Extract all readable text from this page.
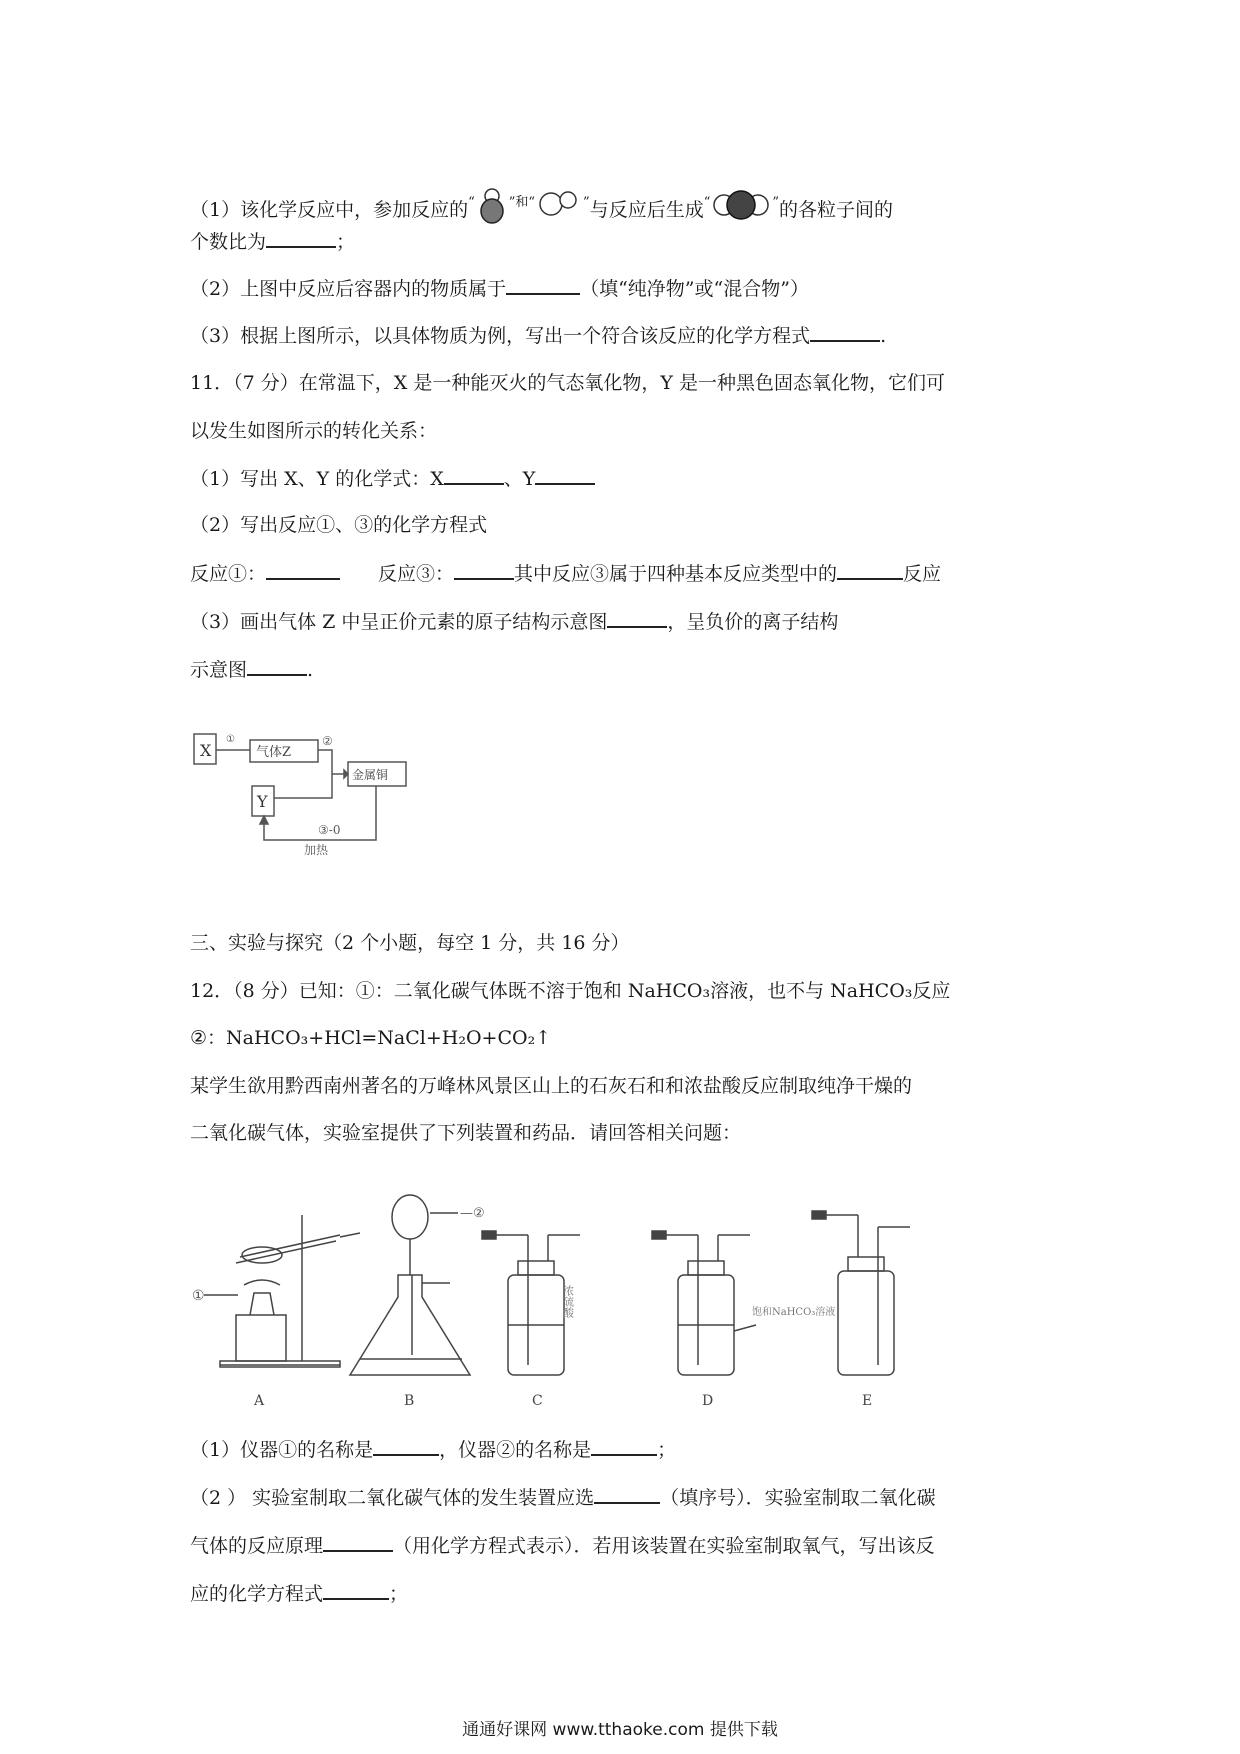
（1）该化学反应中，参加反应的“	$^{”和“}$	”与反应后生成“	”的各粒子间的
个数比为	；
（2）上图中反应后容器内的物质属于	（填“纯净物”或“混合物”）
（3）根据上图所示，以具体物质为例，写出一个符合该反应的化学方程式	.
11．（7 分）在常温下，X 是一种能灭火的气态氧化物，Y 是一种黑色固态氧化物，它们可
以发生如图所示的转化关系：
（1）写出 X、Y 的化学式：X	、Y
（2）写出反应①、③的化学方程式
反应①：	反应③：	其中反应③属于四种基本反应类型中的	反应
（3）画出气体 Z 中呈正价元素的原子结构示意图	，呈负价的离子结构
示意图	.
X
①
气体Z
②
金属铜
Y
③-0
加热
三、实验与探究（2 个小题，每空 1 分，共 16 分）
12．（8 分）已知：①：二氧化碳气体既不溶于饱和 NaHCO₃溶液，也不与 NaHCO₃反应
②：NaHCO₃+HCl=NaCl+H₂O+CO₂↑
某学生欲用黔西南州著名的万峰林风景区山上的石灰石和和浓盐酸反应制取纯净干燥的
二氧化碳气体，实验室提供了下列装置和药品．请回答相关问题：
①
—②
浓硫酸	饱和NaHCO₃溶液
A	B	C	D	E
（1）仪器①的名称是	，仪器②的名称是	；
（2 ） 实验室制取二氧化碳气体的发生装置应选	（填序号）．实验室制取二氧化碳
气体的反应原理	（用化学方程式表示）．若用该装置在实验室制取氧气，写出该反
应的化学方程式	；
通通好课网 www.tthaoke.com 提供下载
